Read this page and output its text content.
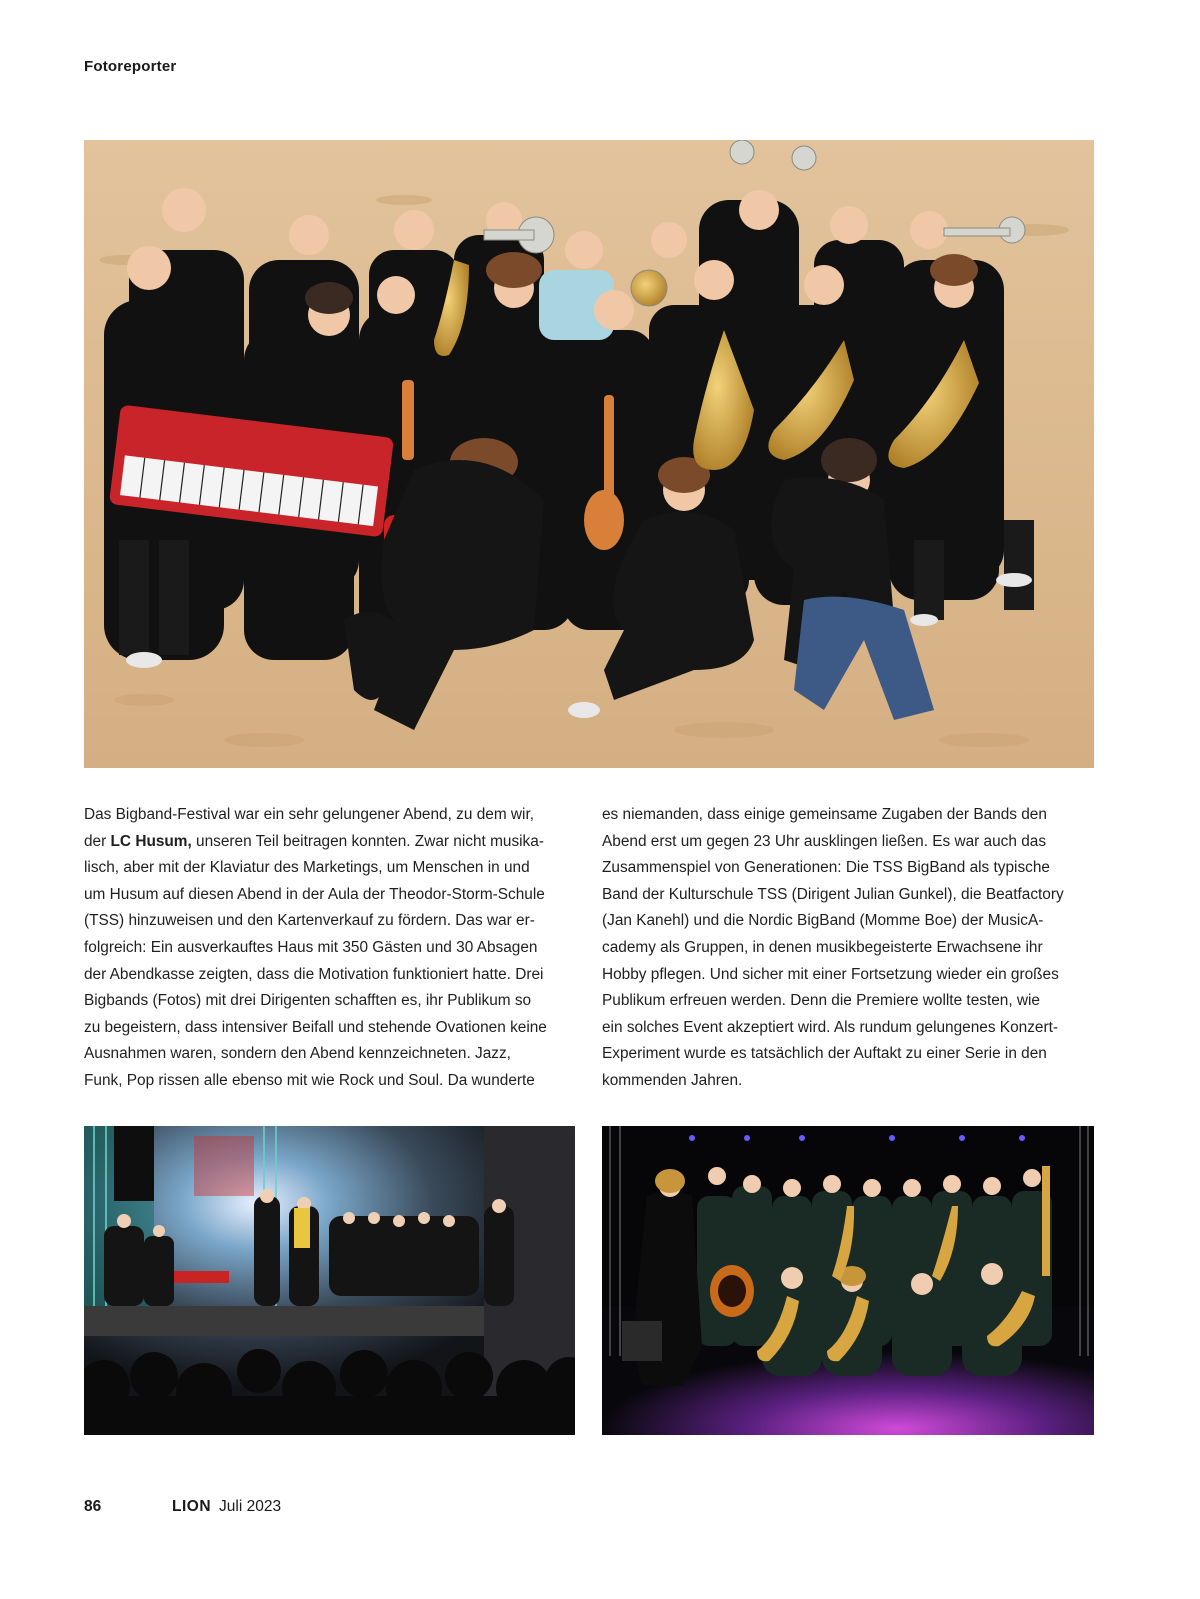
Fotoreporter

Das Bigband-Festival war ein sehr gelungener Abend, zu dem wir,
der LC Husum, unseren Teil beitragen konnten. Zwar nicht musika-
lisch, aber mit der Klaviatur des Marketings, um Menschen in und
um Husum auf diesen Abend in der Aula der Theodor-Storm-Schule
(TSS) hinzuweisen und den Kartenverkauf zu fördern. Das war er-
folgreich: Ein ausverkauftes Haus mit 350 Gästen und 30 Absagen
der Abendkasse zeigten, dass die Motivation funktioniert hatte. Drei
Bigbands (Fotos) mit drei Dirigenten schafften es, ihr Publikum so
zu begeistern, dass intensiver Beifall und stehende Ovationen keine
Ausnahmen waren, sondern den Abend kennzeichneten. Jazz,
Funk, Pop rissen alle ebenso mit wie Rock und Soul. Da wunderte

es niemanden, dass einige gemeinsame Zugaben der Bands den
Abend erst um gegen 23 Uhr ausklingen ließen. Es war auch das
Zusammenspiel von Generationen: Die TSS BigBand als typische
Band der Kulturschule TSS (Dirigent Julian Gunkel), die Beatfactory
(Jan Kanehl) und die Nordic BigBand (Momme Boe) der MusicA-
cademy als Gruppen, in denen musikbegeisterte Erwachsene ihr
Hobby pflegen. Und sicher mit einer Fortsetzung wieder ein großes
Publikum erfreuen werden. Denn die Premiere wollte testen, wie
ein solches Event akzeptiert wird. Als rundum gelungenes Konzert-
Experiment wurde es tatsächlich der Auftakt zu einer Serie in den
kommenden Jahren.

86	LION Juli 2023
